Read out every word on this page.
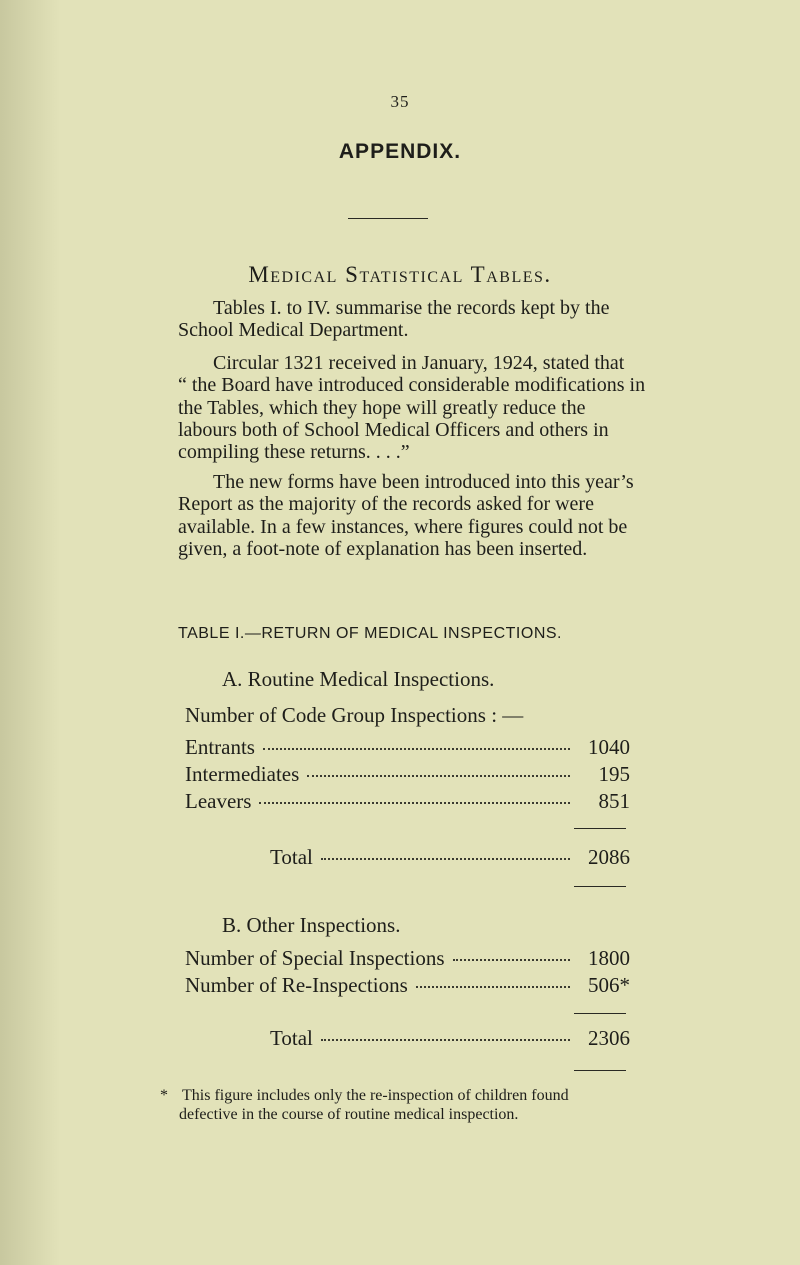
35
APPENDIX.
Medical Statistical Tables.
Tables I. to IV. summarise the records kept by the
School Medical Department.
Circular 1321 received in January, 1924, stated that
“ the Board have introduced considerable modifications in
the Tables, which they hope will greatly reduce the
labours both of School Medical Officers and others in
compiling these returns. . . .”
The new forms have been introduced into this year’s
Report as the majority of the records asked for were
available. In a few instances, where figures could not be
given, a foot-note of explanation has been inserted.
TABLE I.—RETURN OF MEDICAL INSPECTIONS.
A. Routine Medical Inspections.
Number of Code Group Inspections : —
Entrants	1040
Intermediates	195
Leavers	851
Total	2086
B. Other Inspections.
Number of Special Inspections	1800
Number of Re-Inspections	506*
Total	2306
* This figure includes only the re-inspection of children found
defective in the course of routine medical inspection.
